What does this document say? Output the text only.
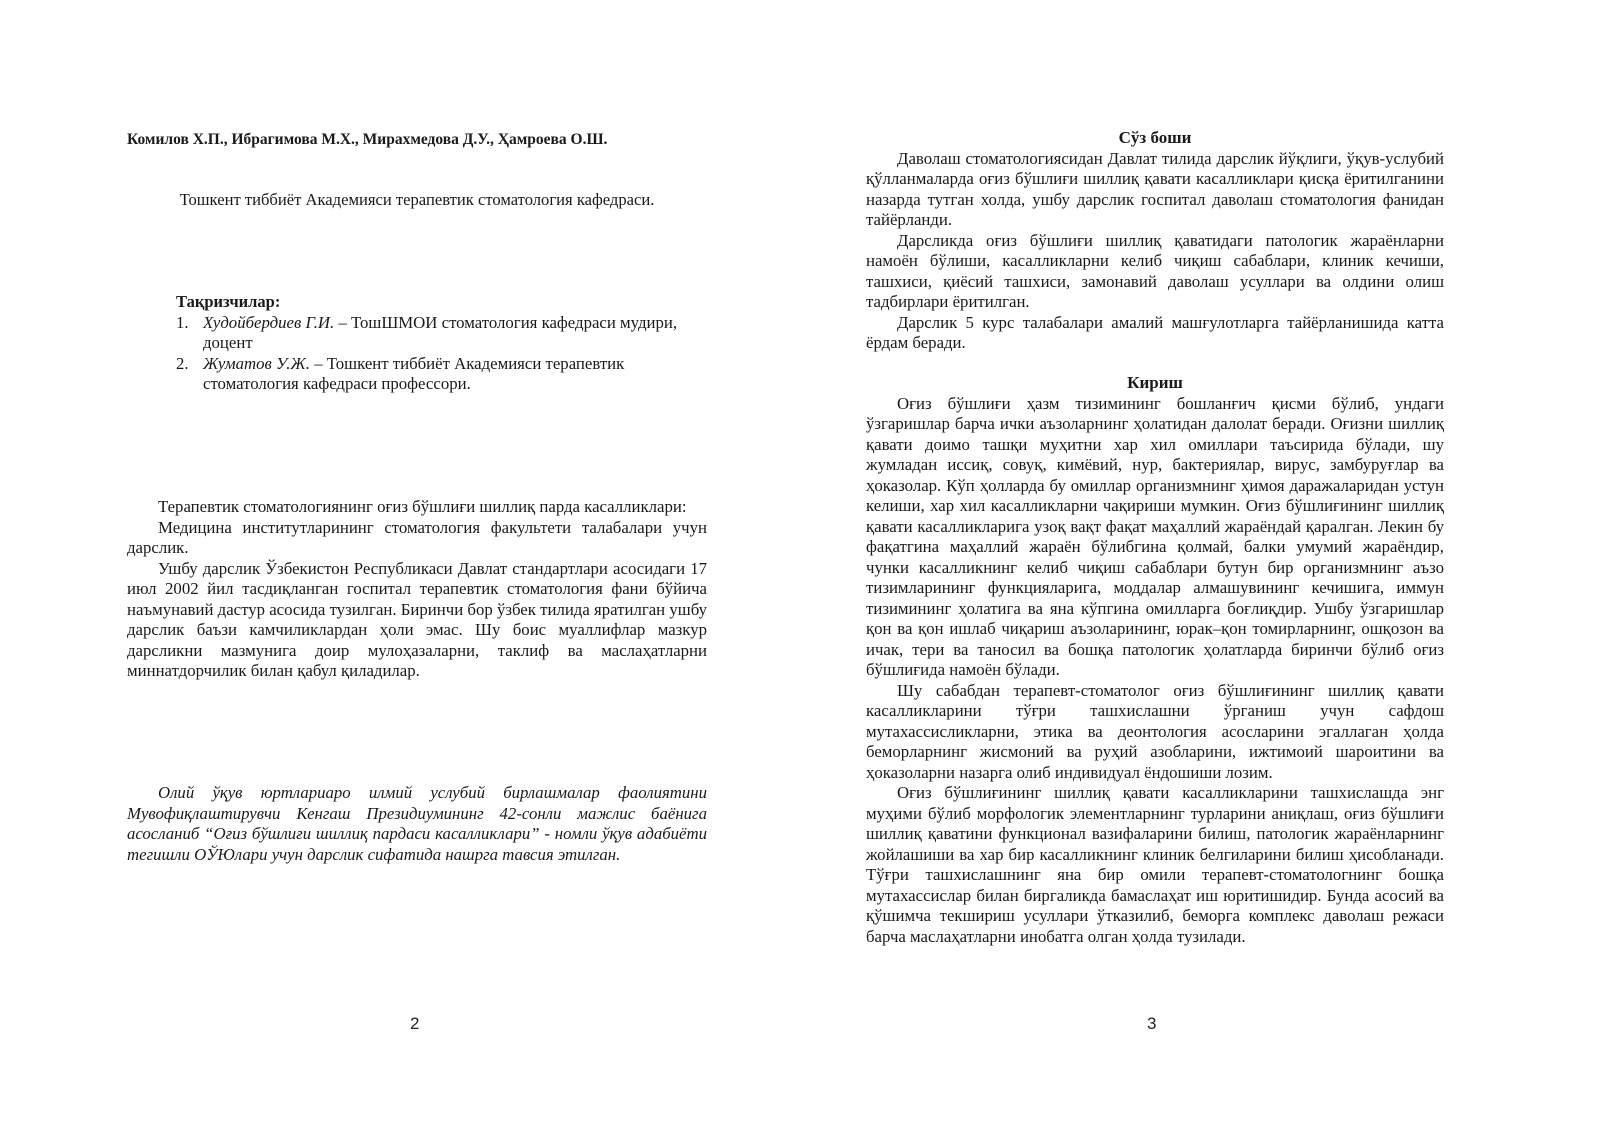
Комилов Х.П., Ибрагимова М.Х., Мирахмедова Д.У., Ҳамроева О.Ш.
Тошкент тиббиёт Академияси терапевтик стоматология кафедраси.
Тақризчилар:
1. Худойбердиев Г.И. – ТошШМОИ стоматология кафедраси мудири, доцент
2. Жуматов У.Ж. – Тошкент тиббиёт Академияси терапевтик стоматология кафедраси профессори.

Терапевтик стоматологиянинг оғиз бўшлиғи шиллиқ парда касалликлари:

Медицина институтларининг стоматология факультети талабалари учун дарслик.

Ушбу дарслик Ўзбекистон Республикаси Давлат стандартлари асосидаги 17 июл 2002 йил тасдиқланган госпитал терапевтик стоматология фани бўйича наъмунавий дастур асосида тузилган. Биринчи бор ўзбек тилида яратилган ушбу дарслик баъзи камчиликлардан ҳоли эмас. Шу боис муаллифлар мазкур дарсликни мазмунига доир мулоҳазаларни, таклиф ва маслаҳатларни миннатдорчилик билан қабул қиладилар.

Олий ўқув юртлариаро илмий услубий бирлашмалар фаолиятини Мувофиқлаштирувчи Кенгаш Президиумининг 42-сонли мажлис баёнига асосланиб “Оғиз бўшлиғи шиллиқ пардаси касалликлари” - номли ўқув адабиёти тегишли ОЎЮлари учун дарслик сифатида нашрга тавсия этилган.

2
Сўз боши

Даволаш стоматологиясидан Давлат тилида дарслик йўқлиги, ўқув-услубий қўлланмаларда оғиз бўшлиғи шиллиқ қавати касалликлари қисқа ёритилганини назарда тутган холда, ушбу дарслик госпитал даволаш стоматология фанидан тайёрланди.

Дарсликда оғиз бўшлиғи шиллиқ қаватидаги патологик жараёнларни намоён бўлиши, касалликларни келиб чиқиш сабаблари, клиник кечиши, ташхиси, қиёсий ташхиси, замонавий даволаш усуллари ва олдини олиш тадбирлари ёритилган.

Дарслик 5 курс талабалари амалий машғулотларга тайёрланишида катта ёрдам беради.

Кириш

Оғиз бўшлиғи ҳазм тизимининг бошланғич қисми бўлиб, ундаги ўзгаришлар барча ички аъзоларнинг ҳолатидан далолат беради. Оғизни шиллиқ қавати доимо ташқи муҳитни хар хил омиллари таъсирида бўлади, шу жумладан иссиқ, совуқ, кимёвий, нур, бактериялар, вирус, замбуруғлар ва ҳоказолар. Кўп ҳолларда бу омиллар организмнинг ҳимоя даражаларидан устун келиши, хар хил касалликларни чақириши мумкин. Оғиз бўшлиғининг шиллиқ қавати касалликларига узоқ вақт фақат маҳаллий жараёндай қаралган. Лекин бу фақатгина маҳаллий жараён бўлибгина қолмай, балки умумий жараёндир, чунки касалликнинг келиб чиқиш сабаблари бутун бир организмнинг аъзо тизимларининг функцияларига, моддалар алмашувининг кечишига, иммун тизимининг ҳолатига ва яна кўпгина омилларга боғлиқдир. Ушбу ўзгаришлар қон ва қон ишлаб чиқариш аъзоларининг, юрак–қон томирларнинг, ошқозон ва ичак, тери ва таносил ва бошқа патологик ҳолатларда биринчи бўлиб оғиз бўшлиғида намоён бўлади.

Шу сабабдан терапевт-стоматолог оғиз бўшлиғининг шиллиқ қавати касалликларини тўғри ташхислашни ўрганиш учун сафдош мутахассисликларни, этика ва деонтология асосларини эгаллаган ҳолда беморларнинг жисмоний ва руҳий азобларини, ижтимоий шароитини ва ҳоказоларни назарга олиб индивидуал ёндошиши лозим.

Оғиз бўшлиғининг шиллиқ қавати касалликларини ташхислашда энг муҳими бўлиб морфологик элементларнинг турларини аниқлаш, оғиз бўшлиғи шиллиқ қаватини функционал вазифаларини билиш, патологик жараёнларнинг жойлашиши ва хар бир касалликнинг клиник белгиларини билиш ҳисобланади. Тўғри ташхислашнинг яна бир омили терапевт-стоматологнинг бошқа мутахассислар билан биргаликда бамаслаҳат иш юритишидир. Бунда асосий ва қўшимча текшириш усуллари ўтказилиб, беморга комплекс даволаш режаси барча маслаҳатларни инобатга олган ҳолда тузилади.

3
